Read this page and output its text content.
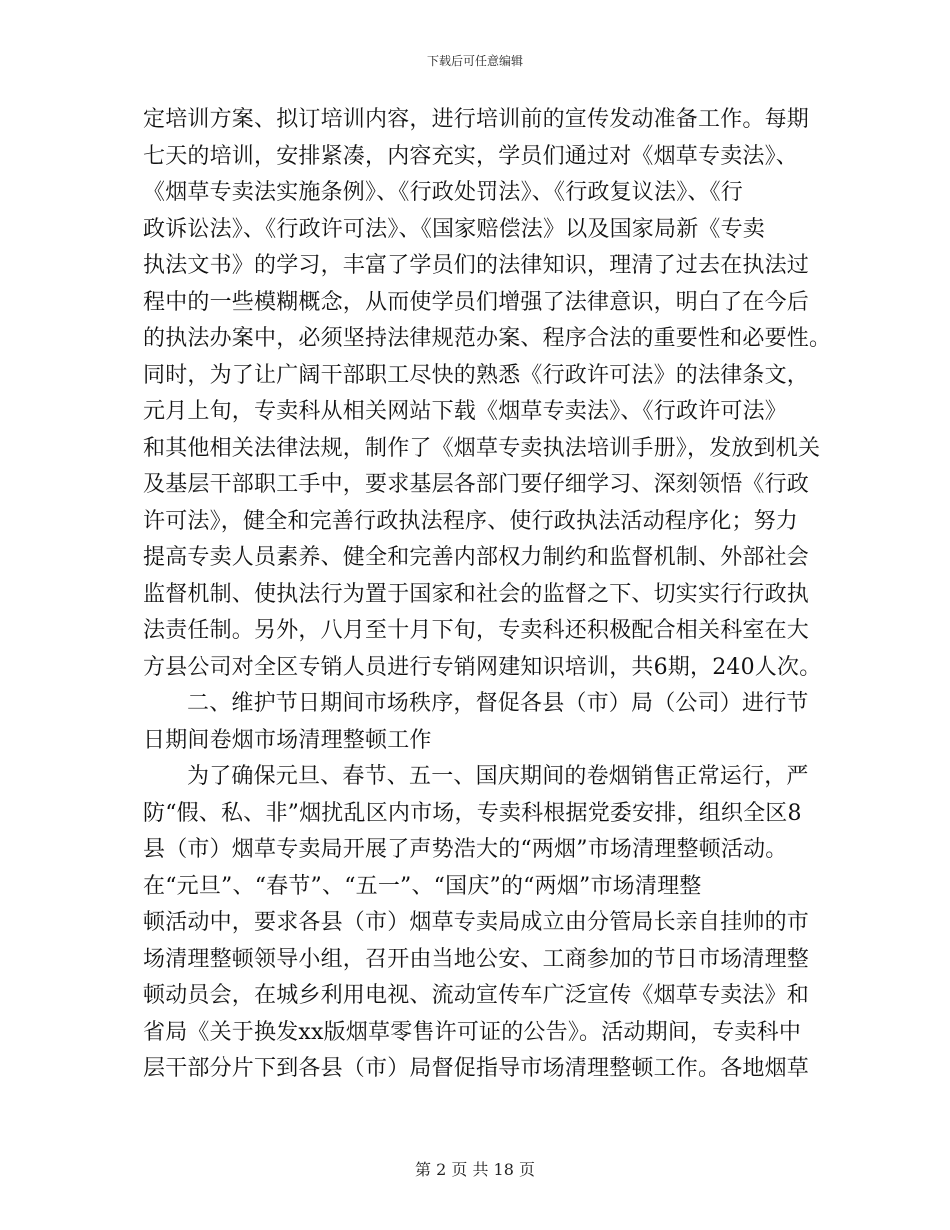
下载后可任意编辑
定培训方案、拟订培训内容，进行培训前的宣传发动准备工作。每期
七天的培训，安排紧凑，内容充实，学员们通过对《烟草专卖法》、
《烟草专卖法实施条例》、《行政处罚法》、《行政复议法》、《行
政诉讼法》、《行政许可法》、《国家赔偿法》以及国家局新《专卖
执法文书》的学习，丰富了学员们的法律知识，理清了过去在执法过
程中的一些模糊概念，从而使学员们增强了法律意识，明白了在今后
的执法办案中，必须坚持法律规范办案、程序合法的重要性和必要性。
同时，为了让广阔干部职工尽快的熟悉《行政许可法》的法律条文，
元月上旬，专卖科从相关网站下载《烟草专卖法》、《行政许可法》
和其他相关法律法规，制作了《烟草专卖执法培训手册》，发放到机关
及基层干部职工手中，要求基层各部门要仔细学习、深刻领悟《行政
许可法》，健全和完善行政执法程序、使行政执法活动程序化；努力
提高专卖人员素养、健全和完善内部权力制约和监督机制、外部社会
监督机制、使执法行为置于国家和社会的监督之下、切实实行行政执
法责任制。另外，八月至十月下旬，专卖科还积极配合相关科室在大
方县公司对全区专销人员进行专销网建知识培训，共6期，240人次。
二、维护节日期间市场秩序，督促各县（市）局（公司）进行节
日期间卷烟市场清理整顿工作
为了确保元旦、春节、五一、国庆期间的卷烟销售正常运行，严
防“假、私、非”烟扰乱区内市场，专卖科根据党委安排，组织全区8
县（市）烟草专卖局开展了声势浩大的“两烟”市场清理整顿活动。
在“元旦”、“春节”、“五一”、“国庆”的“两烟”市场清理整
顿活动中，要求各县（市）烟草专卖局成立由分管局长亲自挂帅的市
场清理整顿领导小组，召开由当地公安、工商参加的节日市场清理整
顿动员会，在城乡利用电视、流动宣传车广泛宣传《烟草专卖法》和
省局《关于换发xx版烟草零售许可证的公告》。活动期间，专卖科中
层干部分片下到各县（市）局督促指导市场清理整顿工作。各地烟草
第 2 页 共 18 页
